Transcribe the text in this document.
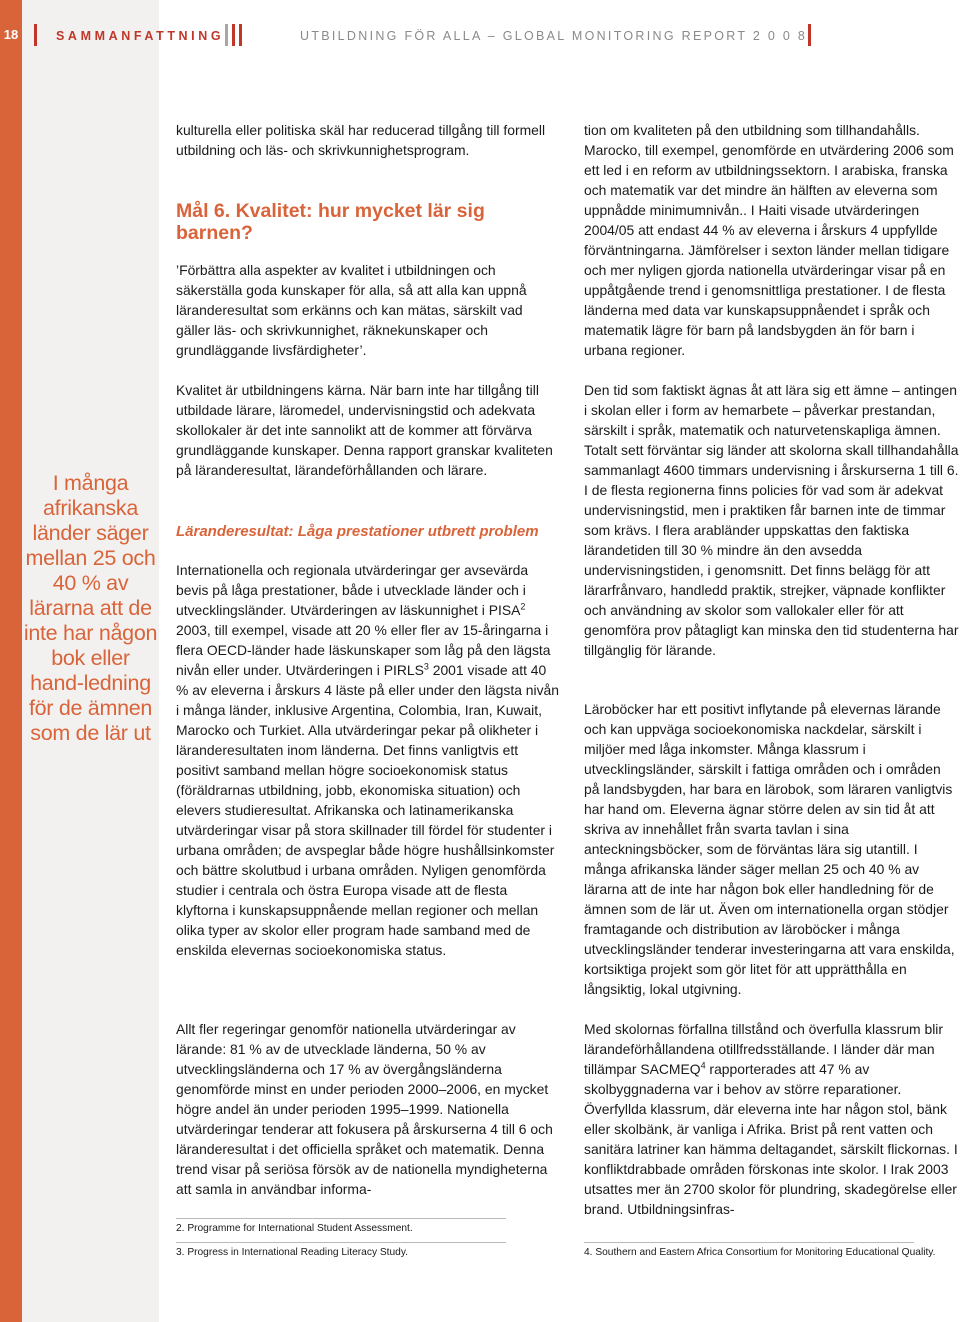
18	SAMMANFATTNING	UTBILDNING FÖR ALLA – GLOBAL MONITORING REPORT 2 0 0 8
I många afrikanska länder säger mellan 25 och 40 % av lärarna att de inte har någon bok eller hand-ledning för de ämnen som de lär ut

kulturella eller politiska skäl har reducerad tillgång till formell utbildning och läs- och skrivkunnighetsprogram.

Mål 6. Kvalitet: hur mycket lär sig barnen?

’Förbättra alla aspekter av kvalitet i utbildningen och säkerställa goda kunskaper för alla, så att alla kan uppnå läranderesultat som erkänns och kan mätas, särskilt vad gäller läs- och skrivkunnighet, räknekunskaper och grundläggande livsfärdigheter’.

Kvalitet är utbildningens kärna. När barn inte har tillgång till utbildade lärare, läromedel, undervisningstid och adekvata skollokaler är det inte sannolikt att de kommer att förvärva grundläggande kunskaper. Denna rapport granskar kvaliteten på läranderesultat, lärandeförhållanden och lärare.

Läranderesultat: Låga prestationer utbrett problem

Internationella och regionala utvärderingar ger avsevärda bevis på låga prestationer, både i utvecklade länder och i utvecklingsländer. Utvärderingen av läskunnighet i PISA$^2$ 2003, till exempel, visade att 20 % eller fler av 15-åringarna i flera OECD-länder hade läskunskaper som låg på den lägsta nivån eller under. Utvärderingen i PIRLS$^3$ 2001 visade att 40 % av eleverna i årskurs 4 läste på eller under den lägsta nivån i många länder, inklusive Argentina, Colombia, Iran, Kuwait, Marocko och Turkiet. Alla utvärderingar pekar på olikheter i läranderesultaten inom länderna. Det finns vanligtvis ett positivt samband mellan högre socioekonomisk status (föräldrarnas utbildning, jobb, ekonomiska situation) och elevers studieresultat. Afrikanska och latinamerikanska utvärderingar visar på stora skillnader till fördel för studenter i urbana områden; de avspeglar både högre hushållsinkomster och bättre skolutbud i urbana områden. Nyligen genomförda studier i centrala och östra Europa visade att de flesta klyftorna i kunskapsuppnående mellan regioner och mellan olika typer av skolor eller program hade samband med de enskilda elevernas socioekonomiska status.

Allt fler regeringar genomför nationella utvärderingar av lärande: 81 % av de utvecklade länderna, 50 % av utvecklingsländerna och 17 % av övergångsländerna genomförde minst en under perioden 2000–2006, en mycket högre andel än under perioden 1995–1999. Nationella utvärderingar tenderar att fokusera på årskurserna 4 till 6 och läranderesultat i det officiella språket och matematik. Denna trend visar på seriösa försök av de nationella myndigheterna att samla in användbar informa-

2. Programme for International Student Assessment.
3. Progress in International Reading Literacy Study.

tion om kvaliteten på den utbildning som tillhandahålls. Marocko, till exempel, genomförde en utvärdering 2006 som ett led i en reform av utbildningssektorn. I arabiska, franska och matematik var det mindre än hälften av eleverna som uppnådde minimumnivån.. I Haiti visade utvärderingen 2004/05 att endast 44 % av eleverna i årskurs 4 uppfyllde förväntningarna. Jämförelser i sexton länder mellan tidigare och mer nyligen gjorda nationella utvärderingar visar på en uppåtgående trend i genomsnittliga prestationer. I de flesta länderna med data var kunskapsuppnåendet i språk och matematik lägre för barn på landsbygden än för barn i urbana regioner.

Den tid som faktiskt ägnas åt att lära sig ett ämne – antingen i skolan eller i form av hemarbete – påverkar prestandan, särskilt i språk, matematik och naturvetenskapliga ämnen. Totalt sett förväntar sig länder att skolorna skall tillhandahålla sammanlagt 4600 timmars undervisning i årskurserna 1 till 6. I de flesta regionerna finns policies för vad som är adekvat undervisningstid, men i praktiken får barnen inte de timmar som krävs. I flera arabländer uppskattas den faktiska lärandetiden till 30 % mindre än den avsedda undervisningstiden, i genomsnitt. Det finns belägg för att lärarfrånvaro, handledd praktik, strejker, väpnade konflikter och användning av skolor som vallokaler eller för att genomföra prov påtagligt kan minska den tid studenterna har tillgänglig för lärande.

Läroböcker har ett positivt inflytande på elevernas lärande och kan uppväga socioekonomiska nackdelar, särskilt i miljöer med låga inkomster. Många klassrum i utvecklingsländer, särskilt i fattiga områden och i områden på landsbygden, har bara en lärobok, som läraren vanligtvis har hand om. Eleverna ägnar större delen av sin tid åt att skriva av innehållet från svarta tavlan i sina anteckningsböcker, som de förväntas lära sig utantill. I många afrikanska länder säger mellan 25 och 40 % av lärarna att de inte har någon bok eller handledning för de ämnen som de lär ut. Även om internationella organ stödjer framtagande och distribution av läroböcker i många utvecklingsländer tenderar investeringarna att vara enskilda, kortsiktiga projekt som gör litet för att upprätthålla en långsiktig, lokal utgivning.

Med skolornas förfallna tillstånd och överfulla klassrum blir lärandeförhållandena otillfredsställande. I länder där man tillämpar SACMEQ$^4$ rapporterades att 47 % av skolbyggnaderna var i behov av större reparationer. Överfyllda klassrum, där eleverna inte har någon stol, bänk eller skolbänk, är vanliga i Afrika. Brist på rent vatten och sanitära latriner kan hämma deltagandet, särskilt flickornas. I konfliktdrabbade områden förskonas inte skolor. I Irak 2003 utsattes mer än 2700 skolor för plundring, skadegörelse eller brand. Utbildningsinfras-

4. Southern and Eastern Africa Consortium for Monitoring Educational Quality.
